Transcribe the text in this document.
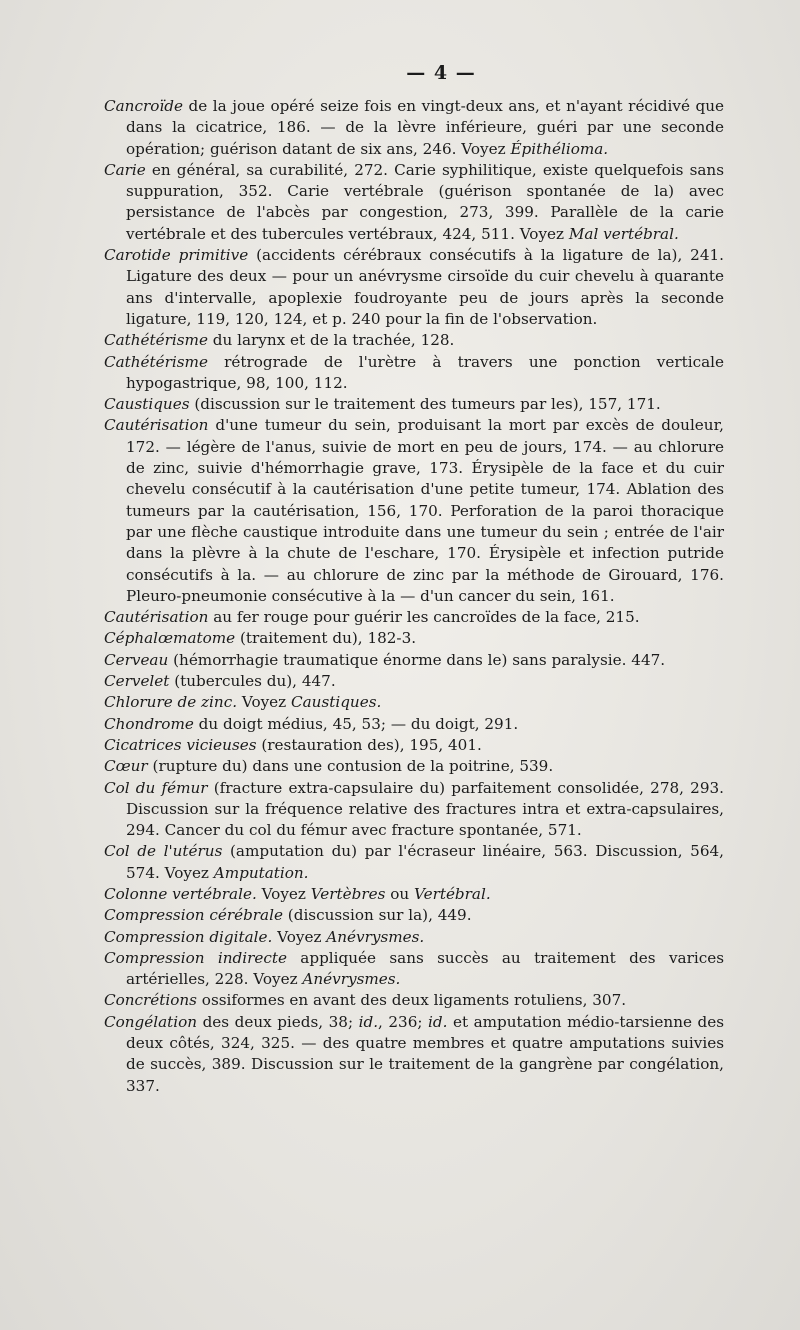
— 4 —
Cancroïde de la joue opéré seize fois en vingt-deux ans, et n'ayant récidivé que dans la cicatrice, 186. — de la lèvre inférieure, guéri par une seconde opération; guérison datant de six ans, 246. Voyez Épithélioma.
Carie en général, sa curabilité, 272. Carie syphilitique, existe quelquefois sans suppuration, 352. Carie vertébrale (guérison spontanée de la) avec persistance de l'abcès par congestion, 273, 399. Parallèle de la carie vertébrale et des tubercules vertébraux, 424, 511. Voyez Mal vertébral.
Carotide primitive (accidents cérébraux consécutifs à la ligature de la), 241. Ligature des deux — pour un anévrysme cirsoïde du cuir chevelu à quarante ans d'intervalle, apoplexie foudroyante peu de jours après la seconde ligature, 119, 120, 124, et p. 240 pour la fin de l'observation.
Cathétérisme du larynx et de la trachée, 128.
Cathétérisme rétrograde de l'urètre à travers une ponction verticale hypogastrique, 98, 100, 112.
Caustiques (discussion sur le traitement des tumeurs par les), 157, 171.
Cautérisation d'une tumeur du sein, produisant la mort par excès de douleur, 172. — légère de l'anus, suivie de mort en peu de jours, 174. — au chlorure de zinc, suivie d'hémorrhagie grave, 173. Érysipèle de la face et du cuir chevelu consécutif à la cautérisation d'une petite tumeur, 174. Ablation des tumeurs par la cautérisation, 156, 170. Perforation de la paroi thoracique par une flèche caustique introduite dans une tumeur du sein ; entrée de l'air dans la plèvre à la chute de l'eschare, 170. Érysipèle et infection putride consécutifs à la. — au chlorure de zinc par la méthode de Girouard, 176. Pleuro-pneumonie consécutive à la — d'un cancer du sein, 161.
Cautérisation au fer rouge pour guérir les cancroïdes de la face, 215.
Céphalœmatome (traitement du), 182-3.
Cerveau (hémorrhagie traumatique énorme dans le) sans paralysie. 447.
Cervelet (tubercules du), 447.
Chlorure de zinc. Voyez Caustiques.
Chondrome du doigt médius, 45, 53; — du doigt, 291.
Cicatrices vicieuses (restauration des), 195, 401.
Cœur (rupture du) dans une contusion de la poitrine, 539.
Col du fémur (fracture extra-capsulaire du) parfaitement consolidée, 278, 293. Discussion sur la fréquence relative des fractures intra et extra-capsulaires, 294. Cancer du col du fémur avec fracture spontanée, 571.
Col de l'utérus (amputation du) par l'écraseur linéaire, 563. Discussion, 564, 574. Voyez Amputation.
Colonne vertébrale. Voyez Vertèbres ou Vertébral.
Compression cérébrale (discussion sur la), 449.
Compression digitale. Voyez Anévrysmes.
Compression indirecte appliquée sans succès au traitement des varices artérielles, 228. Voyez Anévrysmes.
Concrétions ossiformes en avant des deux ligaments rotuliens, 307.
Congélation des deux pieds, 38; id., 236; id. et amputation médio-tarsienne des deux côtés, 324, 325. — des quatre membres et quatre amputations suivies de succès, 389. Discussion sur le traitement de la gangrène par congélation, 337.
